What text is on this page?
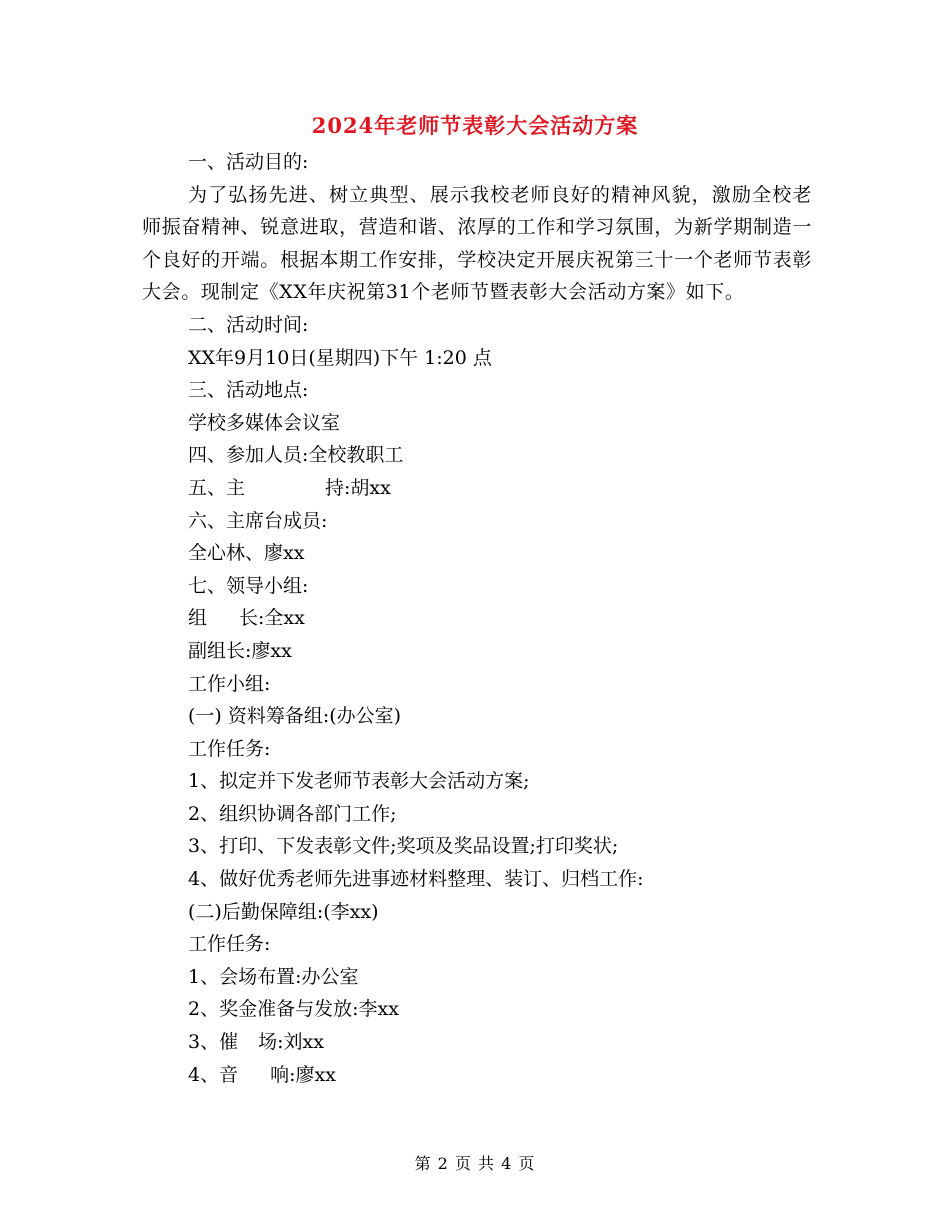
2024年老师节表彰大会活动方案
一、活动目的:
为了弘扬先进、树立典型、展示我校老师良好的精神风貌，激励全校老师振奋精神、锐意进取，营造和谐、浓厚的工作和学习氛围，为新学期制造一个良好的开端。根据本期工作安排，学校决定开展庆祝第三十一个老师节表彰大会。现制定《XX年庆祝第31个老师节暨表彰大会活动方案》如下。
二、活动时间:
XX年9月10日(星期四)下午 1:20 点
三、活动地点:
学校多媒体会议室
四、参加人员:全校教职工
五、主	持:胡xx
六、主席台成员:
全心林、廖xx
七、领导小组:
组 长:全xx
副组长:廖xx
工作小组:
(一) 资料筹备组:(办公室)
工作任务:
1、拟定并下发老师节表彰大会活动方案;
2、组织协调各部门工作;
3、打印、下发表彰文件;奖项及奖品设置;打印奖状;
4、做好优秀老师先进事迹材料整理、装订、归档工作:
(二)后勤保障组:(李xx)
工作任务:
1、会场布置:办公室
2、奖金准备与发放:李xx
3、催 场:刘xx
4、音 响:廖xx
第 2 页 共 4 页
